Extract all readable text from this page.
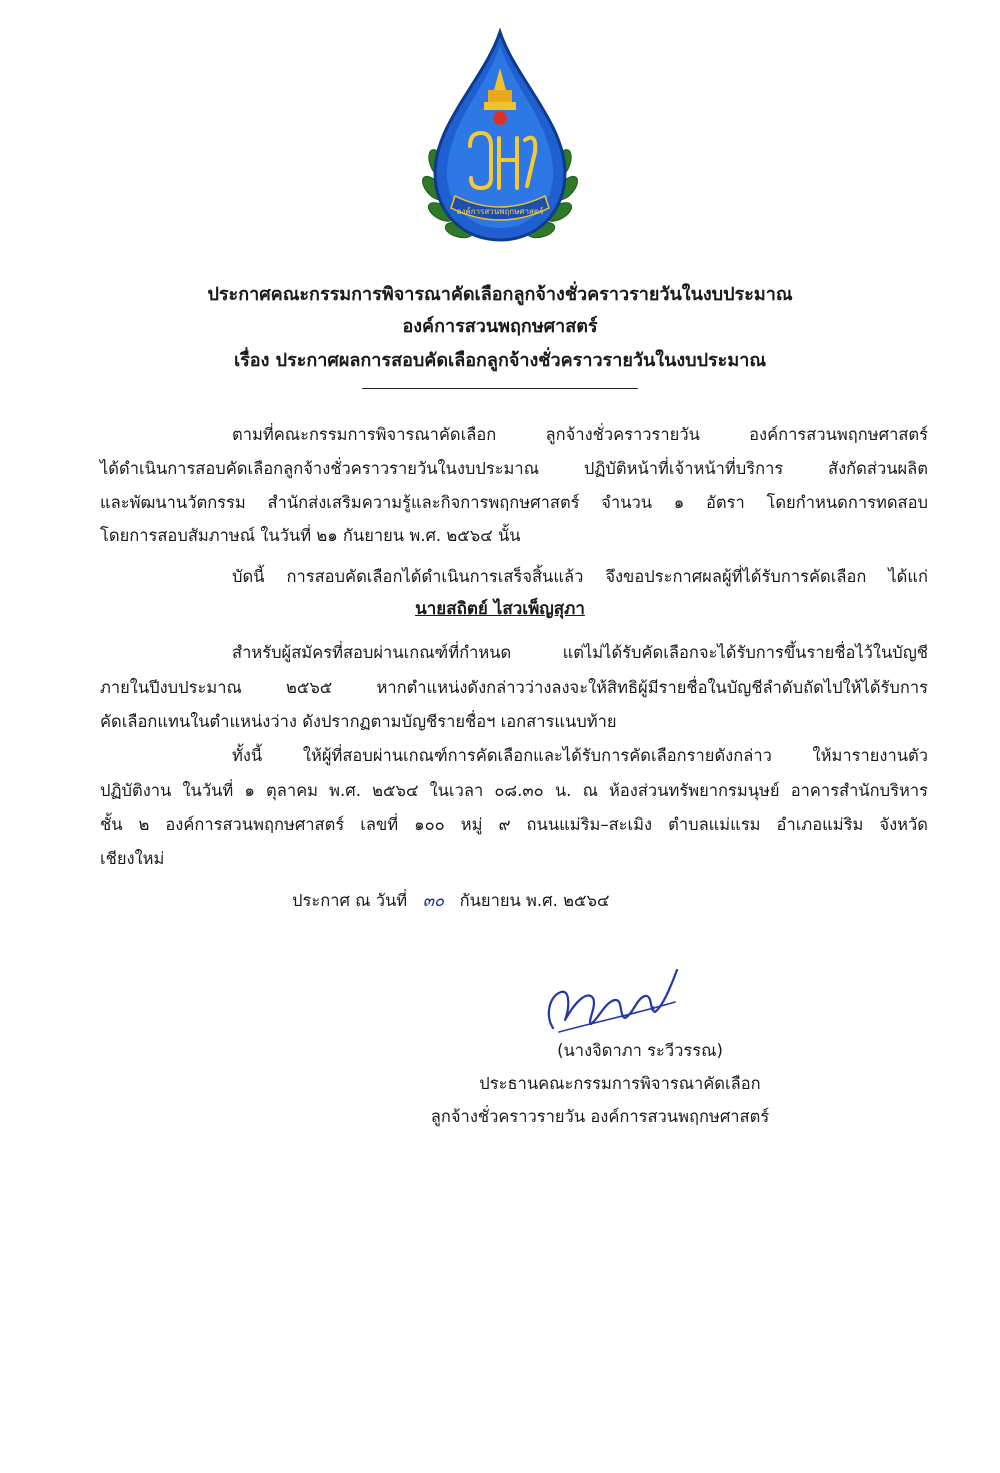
องค์การสวนพฤกษศาสตร์
ประกาศคณะกรรมการพิจารณาคัดเลือกลูกจ้างชั่วคราวรายวันในงบประมาณ
องค์การสวนพฤกษศาสตร์
เรื่อง ประกาศผลการสอบคัดเลือกลูกจ้างชั่วคราวรายวันในงบประมาณ
ตามที่คณะกรรมการพิจารณาคัดเลือก ลูกจ้างชั่วคราวรายวัน องค์การสวนพฤกษศาสตร์
ได้ดำเนินการสอบคัดเลือกลูกจ้างชั่วคราวรายวันในงบประมาณ ปฏิบัติหน้าที่เจ้าหน้าที่บริการ สังกัดส่วนผลิต
และพัฒนานวัตกรรม สำนักส่งเสริมความรู้และกิจการพฤกษศาสตร์ จำนวน ๑ อัตรา โดยกำหนดการทดสอบ
โดยการสอบสัมภาษณ์ ในวันที่ ๒๑ กันยายน พ.ศ. ๒๕๖๔ นั้น
บัดนี้ การสอบคัดเลือกได้ดำเนินการเสร็จสิ้นแล้ว จึงขอประกาศผลผู้ที่ได้รับการคัดเลือก ได้แก่
นายสถิตย์ ไสวเพ็ญสุภา
สำหรับผู้สมัครที่สอบผ่านเกณฑ์ที่กำหนด แต่ไม่ได้รับคัดเลือกจะได้รับการขึ้นรายชื่อไว้ในบัญชี
ภายในปีงบประมาณ ๒๕๖๕ หากตำแหน่งดังกล่าวว่างลงจะให้สิทธิผู้มีรายชื่อในบัญชีลำดับถัดไปให้ได้รับการ
คัดเลือกแทนในตำแหน่งว่าง ดังปรากฏตามบัญชีรายชื่อฯ เอกสารแนบท้าย
ทั้งนี้ ให้ผู้ที่สอบผ่านเกณฑ์การคัดเลือกและได้รับการคัดเลือกรายดังกล่าว ให้มารายงานตัว
ปฏิบัติงาน ในวันที่ ๑ ตุลาคม พ.ศ. ๒๕๖๔ ในเวลา ๐๘.๓๐ น. ณ ห้องส่วนทรัพยากรมนุษย์ อาคารสำนักบริหาร
ชั้น ๒ องค์การสวนพฤกษศาสตร์ เลขที่ ๑๐๐ หมู่ ๙ ถนนแม่ริม–สะเมิง ตำบลแม่แรม อำเภอแม่ริม จังหวัด
เชียงใหม่
ประกาศ ณ วันที่ ๓๐ กันยายน พ.ศ. ๒๕๖๔
(นางจิดาภา ระวีวรรณ)
ประธานคณะกรรมการพิจารณาคัดเลือก
ลูกจ้างชั่วคราวรายวัน องค์การสวนพฤกษศาสตร์
